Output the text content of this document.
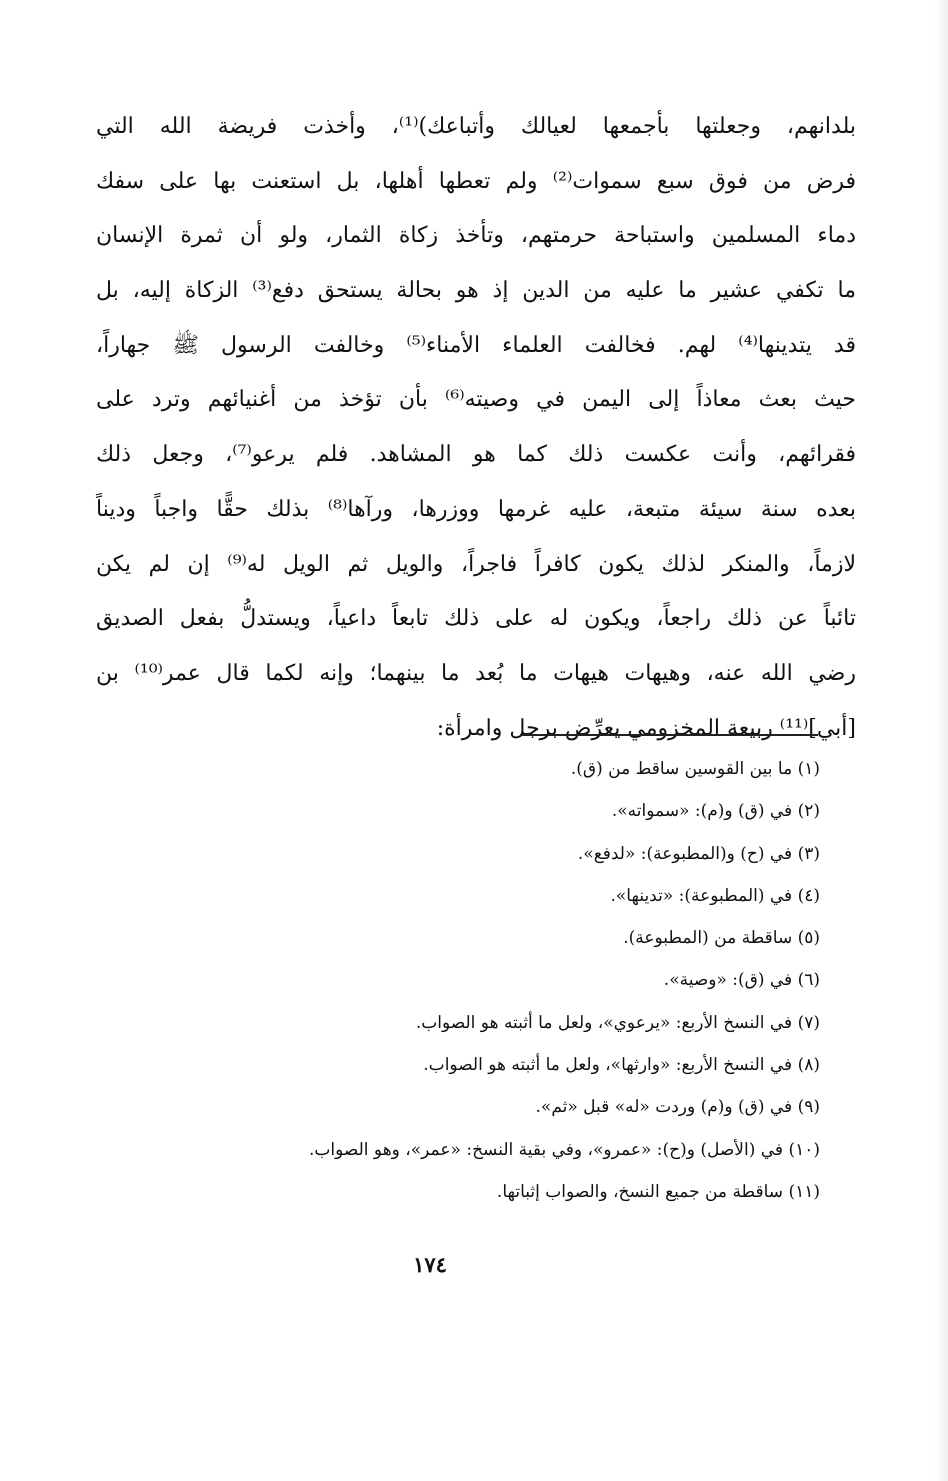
بلدانهم، وجعلتها بأجمعها لعيالك وأتباعك)⁽¹⁾، وأخذت فريضة الله التي
فرض من فوق سبع سموات⁽²⁾ ولم تعطها أهلها، بل استعنت بها على سفك
دماء المسلمين واستباحة حرمتهم، وتأخذ زكاة الثمار، ولو أن ثمرة الإنسان
ما تكفي عشير ما عليه من الدين إذ هو بحالة يستحق دفع⁽³⁾ الزكاة إليه، بل
قد يتدينها⁽⁴⁾ لهم. فخالفت العلماء الأمناء⁽⁵⁾ وخالفت الرسول ﷺ جهاراً،
حيث بعث معاذاً إلى اليمن في وصيته⁽⁶⁾ بأن تؤخذ من أغنيائهم وترد على
فقرائهم، وأنت عكست ذلك كما هو المشاهد. فلم يرعو⁽⁷⁾، وجعل ذلك
بعده سنة سيئة متبعة، عليه غرمها ووزرها، ورآها⁽⁸⁾ بذلك حقًّا واجباً وديناً
لازماً، والمنكر لذلك يكون كافراً فاجراً، والويل ثم الويل له⁽⁹⁾ إن لم يكن
تائباً عن ذلك راجعاً، ويكون له على ذلك تابعاً داعياً، ويستدلُّ بفعل الصديق
رضي الله عنه، وهيهات هيهات ما بُعد ما بينهما؛ وإنه لكما قال عمر⁽¹⁰⁾ بن
[أبي]⁽¹¹⁾ ربيعة المخزومي يعرِّض برجل وامرأة:
(١) ما بين القوسين ساقط من (ق).
(٢) في (ق) و(م): «سمواته».
(٣) في (ح) و(المطبوعة): «لدفع».
(٤) في (المطبوعة): «تدينها».
(٥) ساقطة من (المطبوعة).
(٦) في (ق): «وصية».
(٧) في النسخ الأربع: «يرعوي»، ولعل ما أثبته هو الصواب.
(٨) في النسخ الأربع: «وارثها»، ولعل ما أثبته هو الصواب.
(٩) في (ق) و(م) وردت «له» قبل «ثم».
(١٠) في (الأصل) و(ح): «عمرو»، وفي بقية النسخ: «عمر»، وهو الصواب.
(١١) ساقطة من جميع النسخ، والصواب إثباتها.
١٧٤
